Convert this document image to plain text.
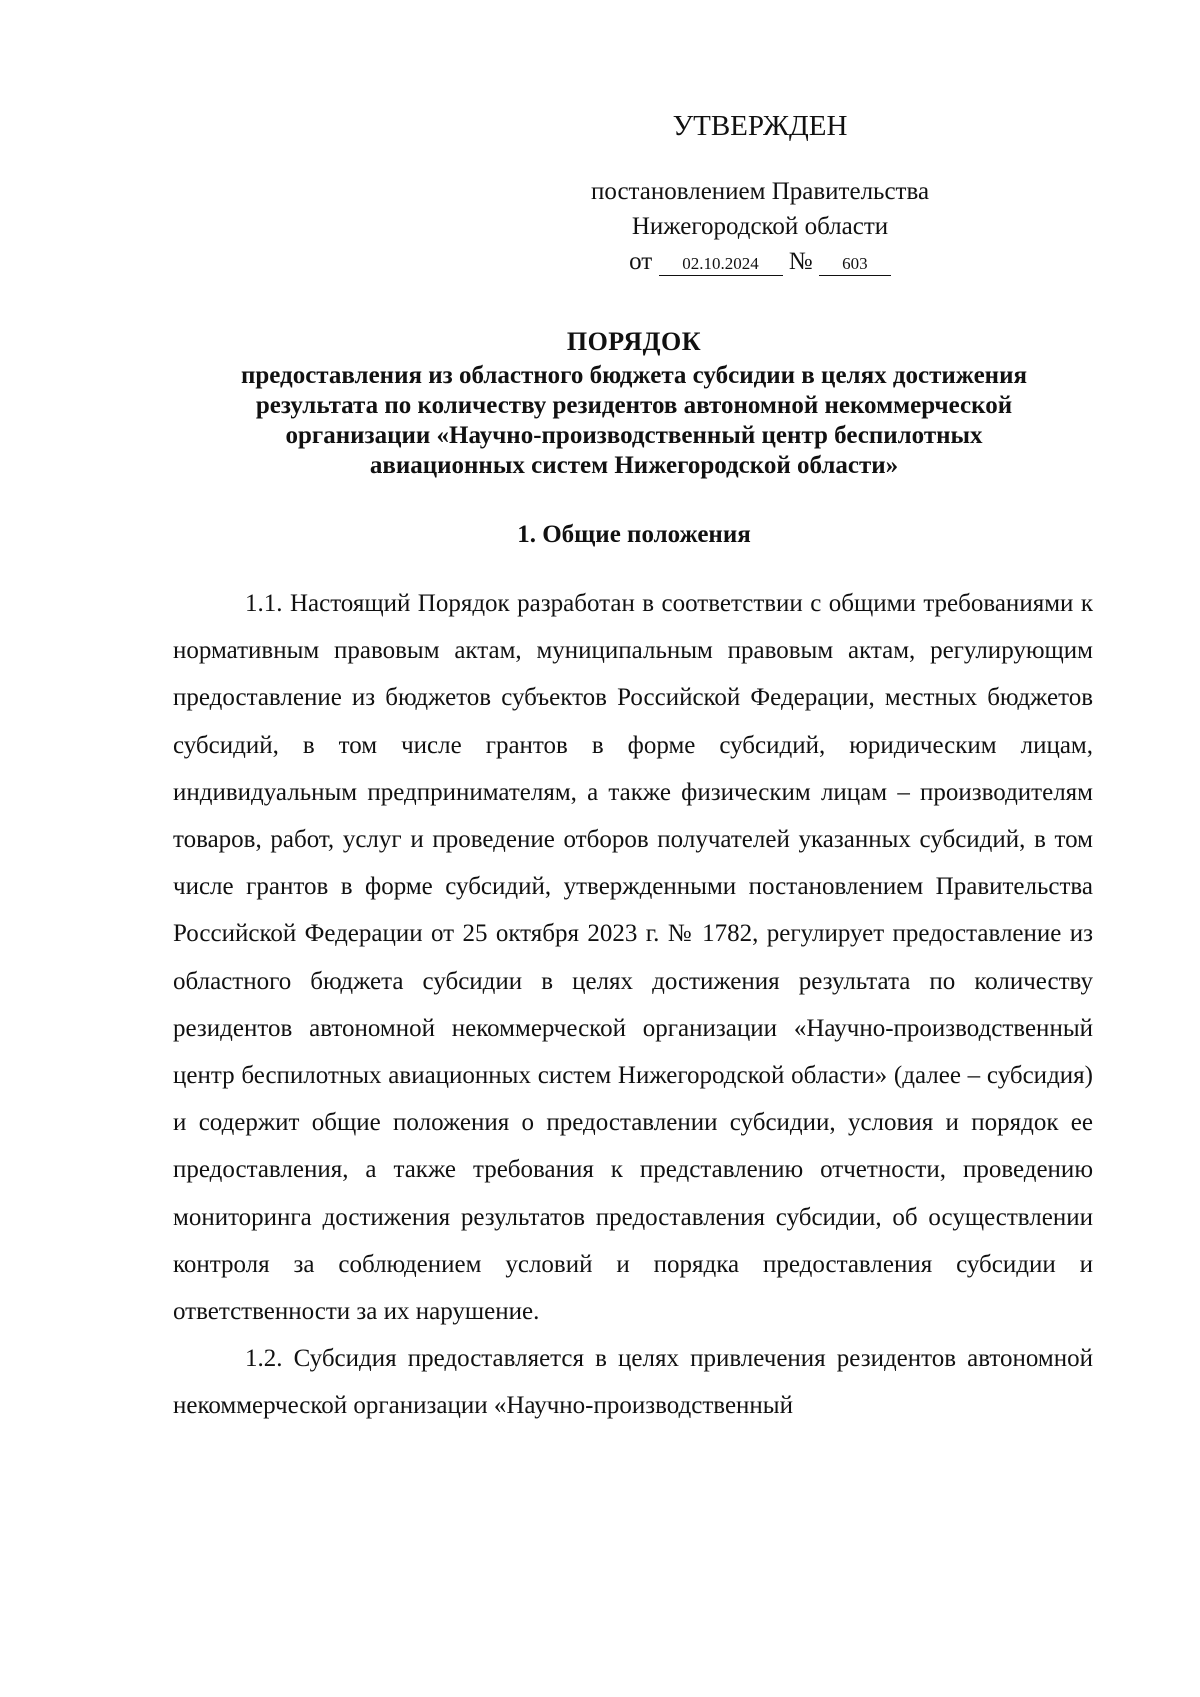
УТВЕРЖДЕН
постановлением Правительства
Нижегородской области
от 02.10.2024 № 603
ПОРЯДОК
предоставления из областного бюджета субсидии в целях достижения
результата по количеству резидентов автономной некоммерческой
организации «Научно-производственный центр беспилотных
авиационных систем Нижегородской области»
1. Общие положения

1.1. Настоящий Порядок разработан в соответствии с общими требованиями к нормативным правовым актам, муниципальным правовым актам, регулирующим предоставление из бюджетов субъектов Российской Федерации, местных бюджетов субсидий, в том числе грантов в форме субсидий, юридическим лицам, индивидуальным предпринимателям, а также физическим лицам – производителям товаров, работ, услуг и проведение отборов получателей указанных субсидий, в том числе грантов в форме субсидий, утвержденными постановлением Правительства Российской Федерации от 25 октября 2023 г. № 1782, регулирует предоставление из областного бюджета субсидии в целях достижения результата по количеству резидентов автономной некоммерческой организации «Научно-производственный центр беспилотных авиационных систем Нижегородской области» (далее – субсидия) и содержит общие положения о предоставлении субсидии, условия и порядок ее предоставления, а также требования к представлению отчетности, проведению мониторинга достижения результатов предоставления субсидии, об осуществлении контроля за соблюдением условий и порядка предоставления субсидии и ответственности за их нарушение.

1.2. Субсидия предоставляется в целях привлечения резидентов автономной некоммерческой организации «Научно-производственный
